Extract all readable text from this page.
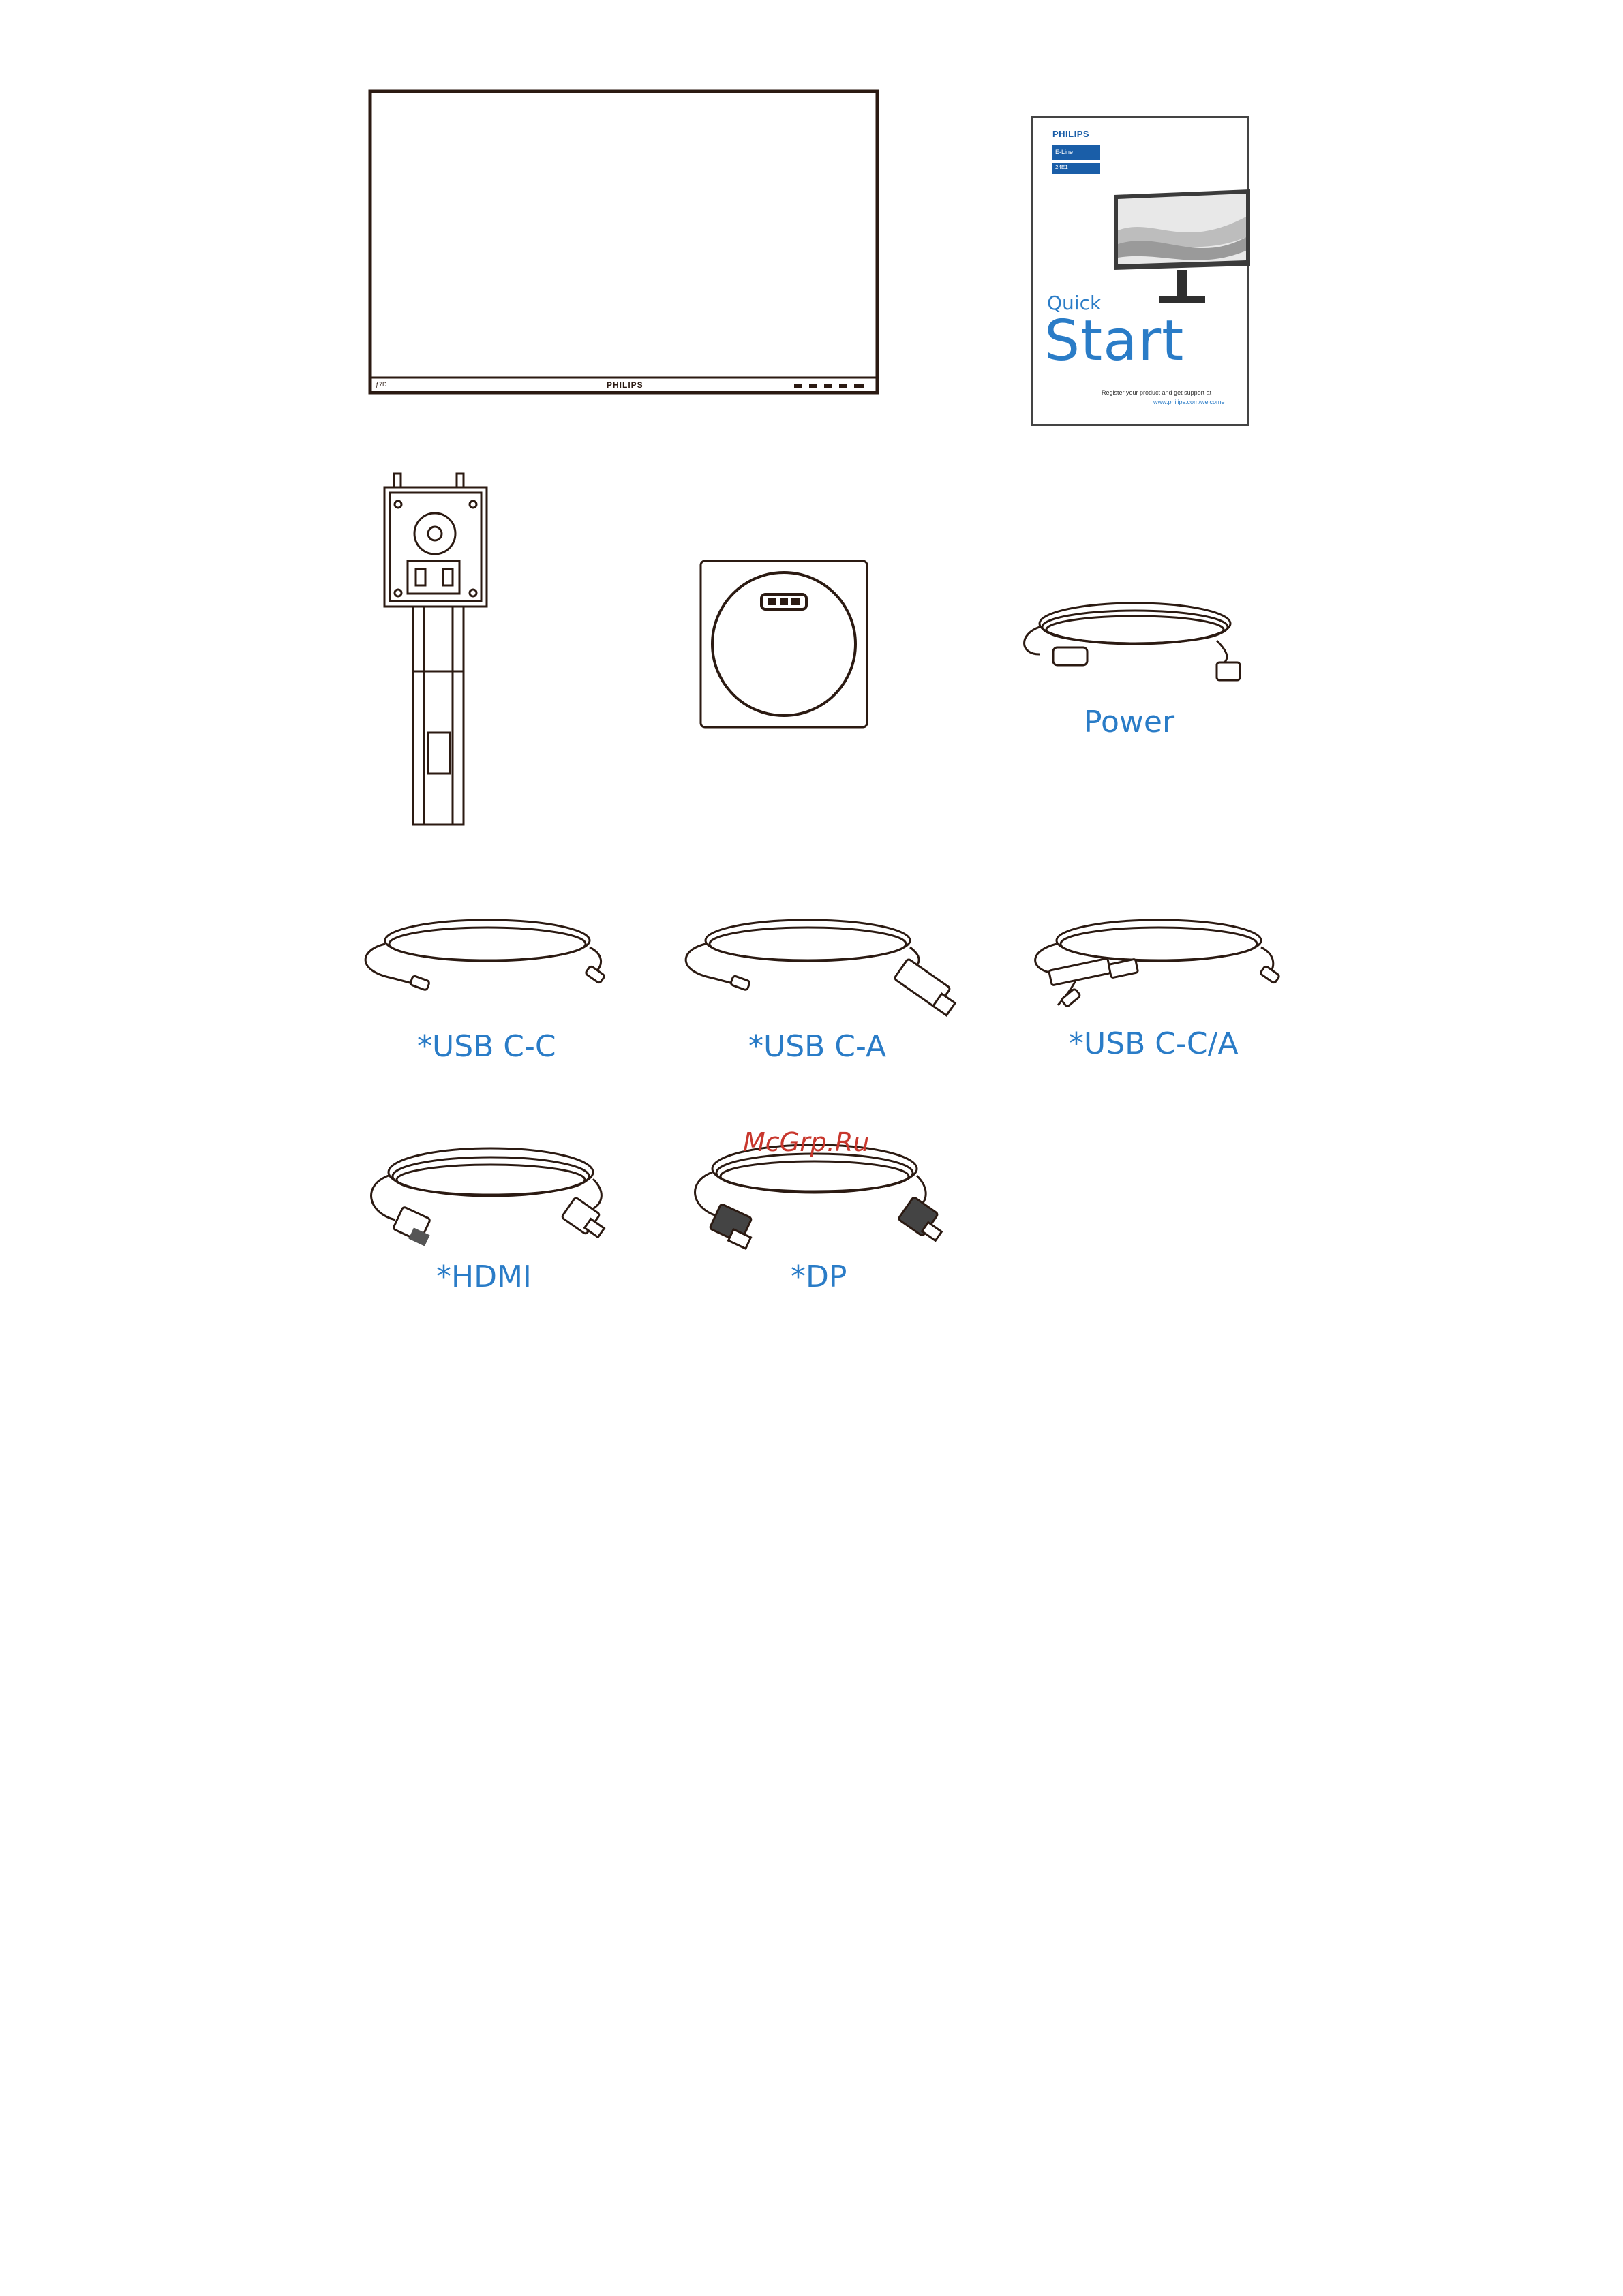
PHILIPS
ƒ7D
PHILIPS
E-Line
24E1
Quick
Start
Register your product and get support at
www.philips.com/welcome
Power
*USB C-C	*USB C-A	*USB C-C/A
*HDMI	*DP
McGrp.Ru
